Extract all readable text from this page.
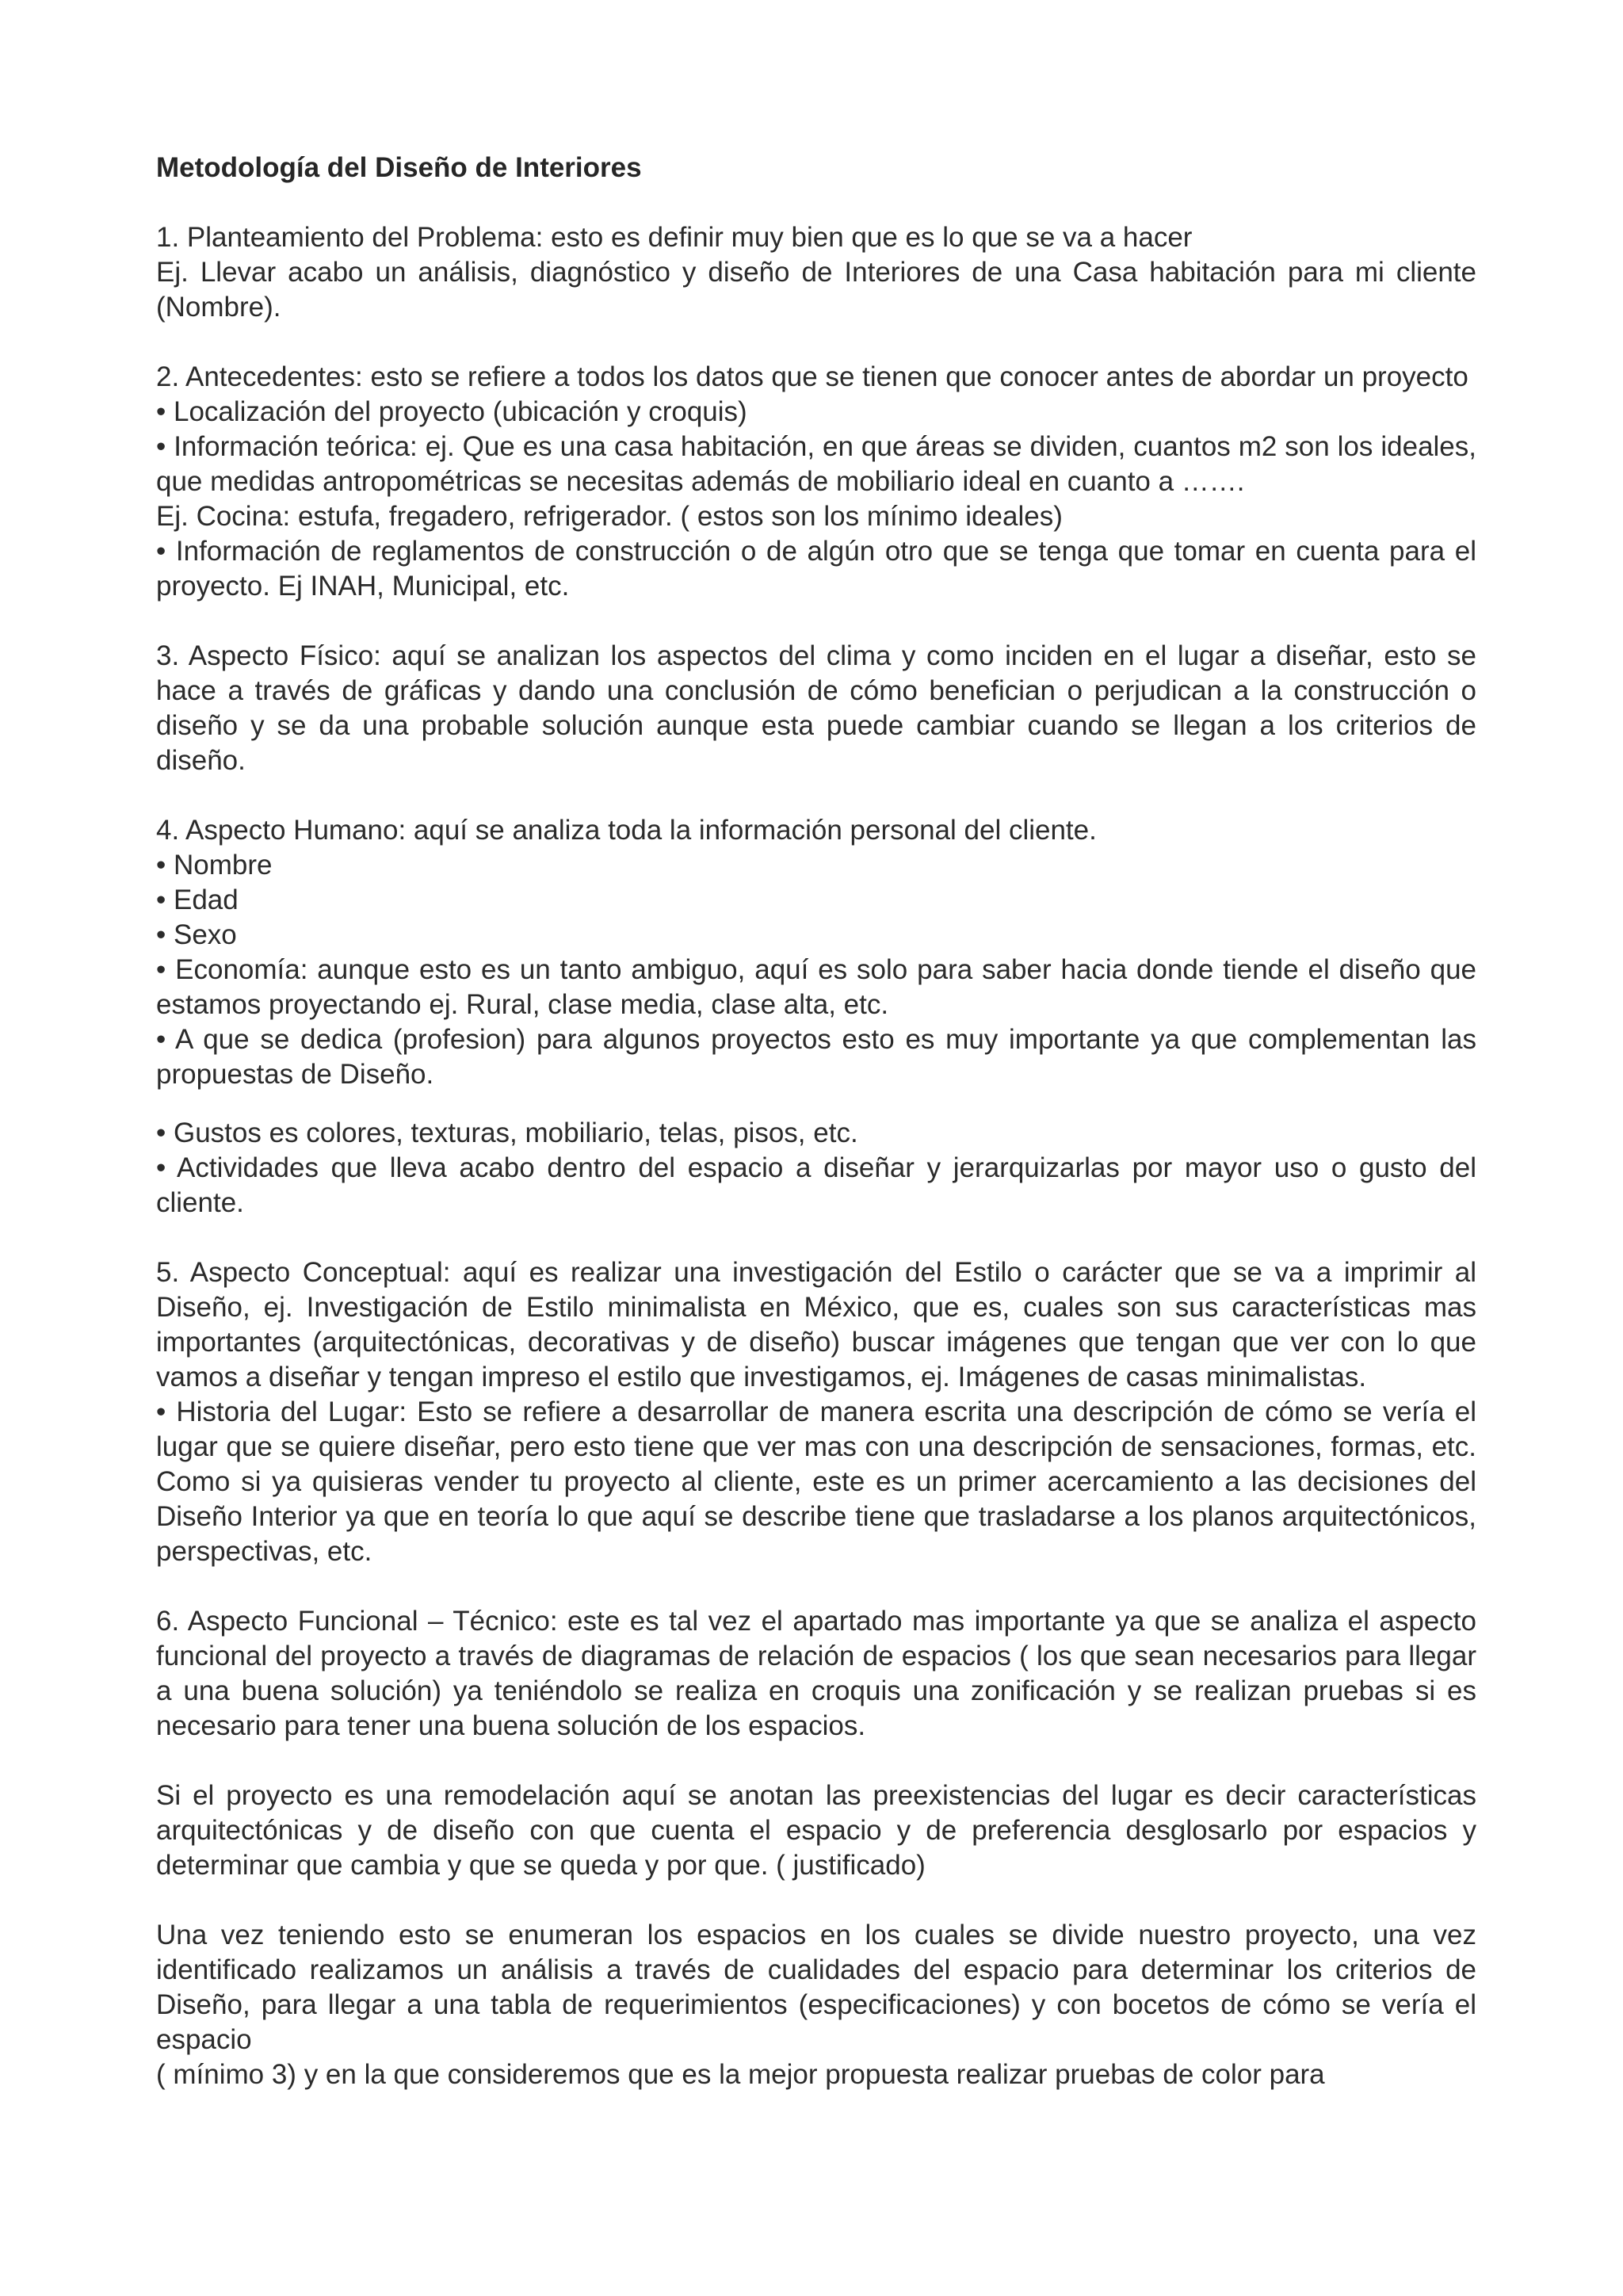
Metodología del Diseño de Interiores

1. Planteamiento del Problema: esto es definir muy bien que es lo que se va a hacer

Ej. Llevar acabo un análisis, diagnóstico y diseño de Interiores de una Casa habitación para mi cliente (Nombre).

2. Antecedentes: esto se refiere a todos los datos que se tienen que conocer antes de abordar un proyecto

• Localización del proyecto (ubicación y croquis)

• Información teórica: ej. Que es una casa habitación, en que áreas se dividen, cuantos m2 son los ideales, que medidas antropométricas se necesitas además de mobiliario ideal en cuanto a …….

Ej. Cocina: estufa, fregadero, refrigerador. ( estos son los mínimo ideales)

• Información de reglamentos de construcción o de algún otro que se tenga que tomar en cuenta para el proyecto. Ej INAH, Municipal, etc.

3. Aspecto Físico: aquí se analizan los aspectos del clima y como inciden en el lugar a diseñar, esto se hace a través de gráficas y dando una conclusión de cómo benefician o perjudican a la construcción o diseño y se da una probable solución aunque esta puede cambiar cuando se llegan a los criterios de diseño.

4. Aspecto Humano: aquí se analiza toda la información personal del cliente.

• Nombre

• Edad

• Sexo

• Economía: aunque esto es un tanto ambiguo, aquí es solo para saber hacia donde tiende el diseño que estamos proyectando ej. Rural, clase media, clase alta, etc.

• A que se dedica (profesion) para algunos proyectos esto es muy importante ya que complementan las propuestas de Diseño.

• Gustos es colores, texturas, mobiliario, telas, pisos, etc.

• Actividades que lleva acabo dentro del espacio a diseñar y jerarquizarlas por mayor uso o gusto del cliente.

5. Aspecto Conceptual: aquí es realizar una investigación del Estilo o carácter que se va a imprimir al Diseño, ej. Investigación de Estilo minimalista en México, que es, cuales son sus características mas importantes (arquitectónicas, decorativas y de diseño) buscar imágenes que tengan que ver con lo que vamos a diseñar y tengan impreso el estilo que investigamos, ej. Imágenes de casas minimalistas.

• Historia del Lugar: Esto se refiere a desarrollar de manera escrita una descripción de cómo se vería el lugar que se quiere diseñar, pero esto tiene que ver mas con una descripción de sensaciones, formas, etc. Como si ya quisieras vender tu proyecto al cliente, este es un primer acercamiento a las decisiones del Diseño Interior ya que en teoría lo que aquí se describe tiene que trasladarse a los planos arquitectónicos, perspectivas, etc.

6. Aspecto Funcional – Técnico: este es tal vez el apartado mas importante ya que se analiza el aspecto funcional del proyecto a través de diagramas de relación de espacios ( los que sean necesarios para llegar a una buena solución) ya teniéndolo se realiza en croquis una zonificación y se realizan pruebas si es necesario para tener una buena solución de los espacios.

Si el proyecto es una remodelación aquí se anotan las preexistencias del lugar es decir características arquitectónicas y de diseño con que cuenta el espacio y de preferencia desglosarlo por espacios y determinar que cambia y que se queda y por que. ( justificado)

Una vez teniendo esto se enumeran los espacios en los cuales se divide nuestro proyecto, una vez identificado realizamos un análisis a través de cualidades del espacio para determinar los criterios de Diseño, para llegar a una tabla de requerimientos (especificaciones) y con bocetos de cómo se vería el espacio

( mínimo 3) y en la que consideremos que es la mejor propuesta realizar pruebas de color para
